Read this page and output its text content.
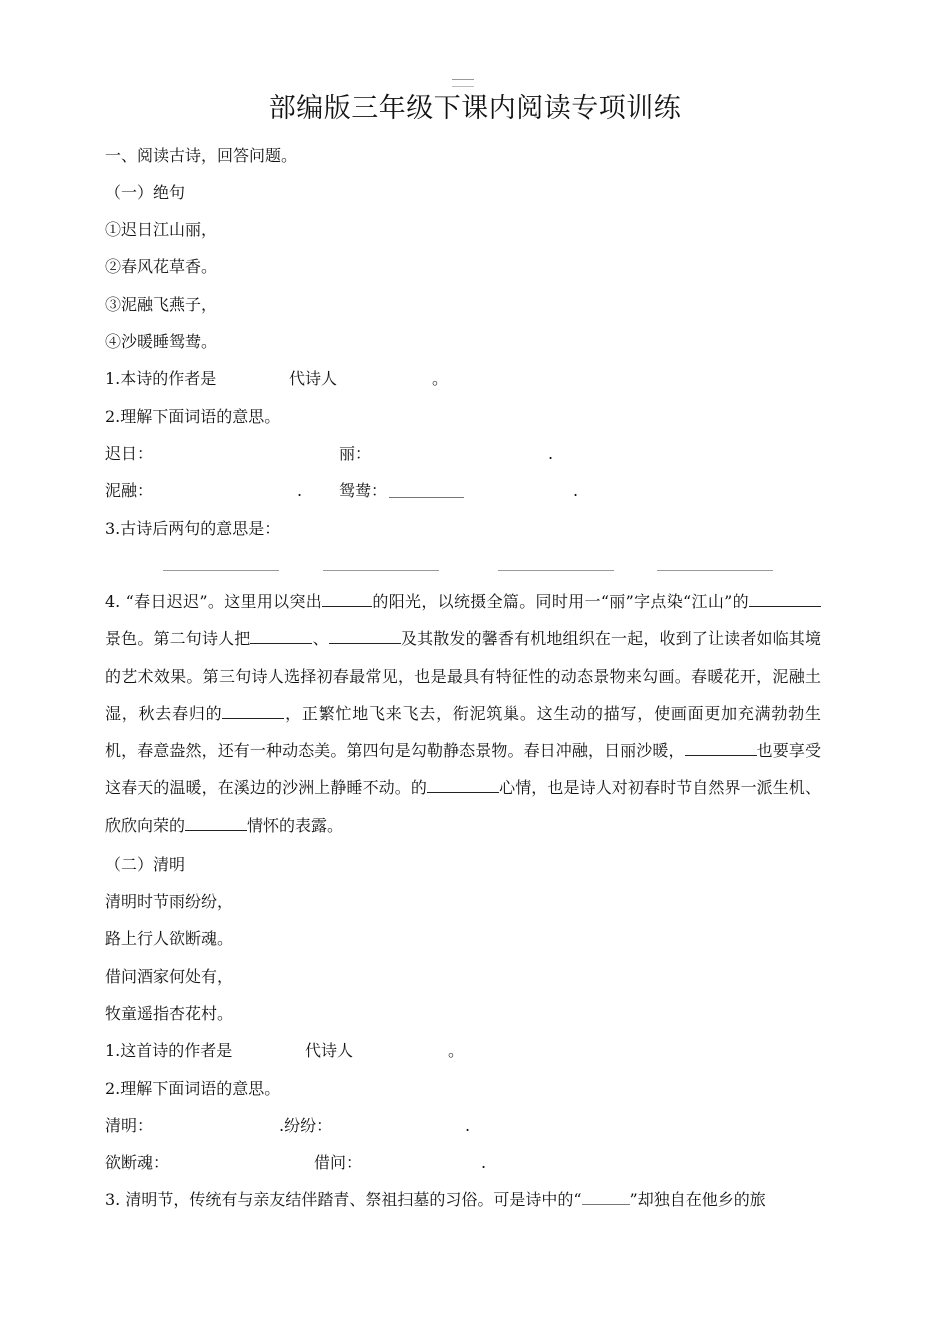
部编版三年级下课内阅读专项训练
一、阅读古诗，回答问题。
（一）绝句
①迟日江山丽，
②春风花草香。
③泥融飞燕子，
④沙暖睡鸳鸯。
1.本诗的作者是	代诗人	。
2.理解下面词语的意思。
迟日：	丽：	.
泥融：	. 鸳鸯：	.
3.古诗后两句的意思是：
4. “春日迟迟”。这里用以突出	的阳光，以统摄全篇。同时用一“丽”字点染“江山”的景色。第二句诗人把	、	及其散发的馨香有机地组织在一起，收到了让读者如临其境的艺术效果。第三句诗人选择初春最常见，也是最具有特征性的动态景物来勾画。春暖花开，泥融土湿，秋去春归的	，正繁忙地飞来飞去，衔泥筑巢。这生动的描写，使画面更加充满勃勃生机，春意盎然，还有一种动态美。第四句是勾勒静态景物。春日冲融，日丽沙暖，	也要享受这春天的温暖，在溪边的沙洲上静睡不动。的	心情，也是诗人对初春时节自然界一派生机、欣欣向荣的	情怀的表露。
（二）清明
清明时节雨纷纷，
路上行人欲断魂。
借问酒家何处有，
牧童遥指杏花村。
1.这首诗的作者是	代诗人	。
2.理解下面词语的意思。
清明：	.纷纷：	.
欲断魂：	借问：	.
3. 清明节，传统有与亲友结伴踏青、祭祖扫墓的习俗。可是诗中的“	”却独自在他乡的旅
